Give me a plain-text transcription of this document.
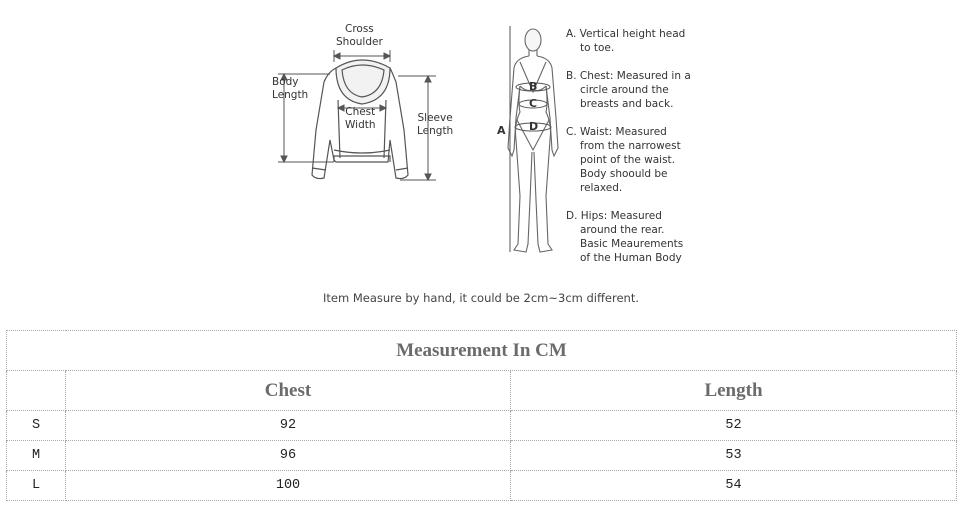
Cross
Shoulder
Body
Length
Chest
Width
Sleeve
Length	A
B
C
D
A. Vertical height head
to toe.
B. Chest: Measured in a
circle around the
breasts and back.
C. Waist: Measured
from the narrowest
point of the waist.
Body shoould be
relaxed.
D. Hips: Measured
around the rear.
Basic Meaurements
of the Human Body
Item Measure by hand, it could be 2cm~3cm different.
Measurement In CM		
	Chest	Length
S	92	52
M	96	53
L	100	54
